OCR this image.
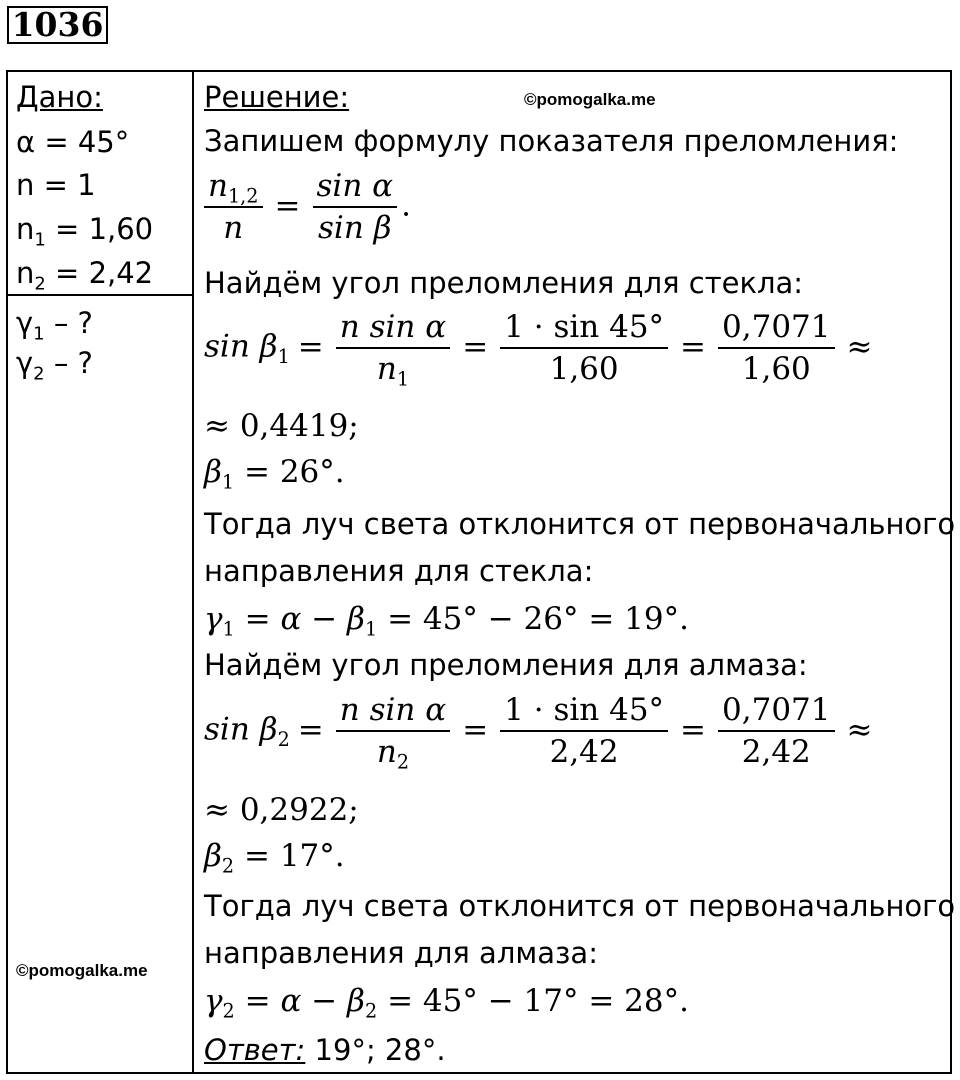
1036
Дано:
α = 45°
n = 1
$n_1 = 1,60$
$n_2 = 2,42$
$\gamma_1$ – ?
$\gamma_2$ – ?
©pomogalka.me
©pomogalka.me
Решение:
Запишем формулу показателя преломления:
$\frac{n_{1,2}}{n} = \frac{\text{sin α}}{\text{sin β}}$ .
Найдём угол преломления для стекла:
$\sin \beta_1 = \frac{\text{n sin α}}{n_1} = \frac{1 \cdot \sin 45^\circ}{1,60} = \frac{0,7071}{1,60}$ ≈
≈ 0,4419;
$\beta_1 = 26^\circ$.
Тогда луч света отклонится от первоначального
направления для стекла:
$\gamma_1 = \alpha - \beta_1 = 45^\circ - 26^\circ = 19^\circ$.
Найдём угол преломления для алмаза:
$\sin \beta_2 = \frac{\text{n sin α}}{n_2} = \frac{1 \cdot \sin 45^\circ}{2,42} = \frac{0,7071}{2,42}$ ≈
≈ 0,2922;
$\beta_2 = 17^\circ$.
Тогда луч света отклонится от первоначального
направления для алмаза:
$\gamma_2 = \alpha - \beta_2 = 45^\circ - 17^\circ = 28^\circ$.
Ответ: 19°; 28°.
